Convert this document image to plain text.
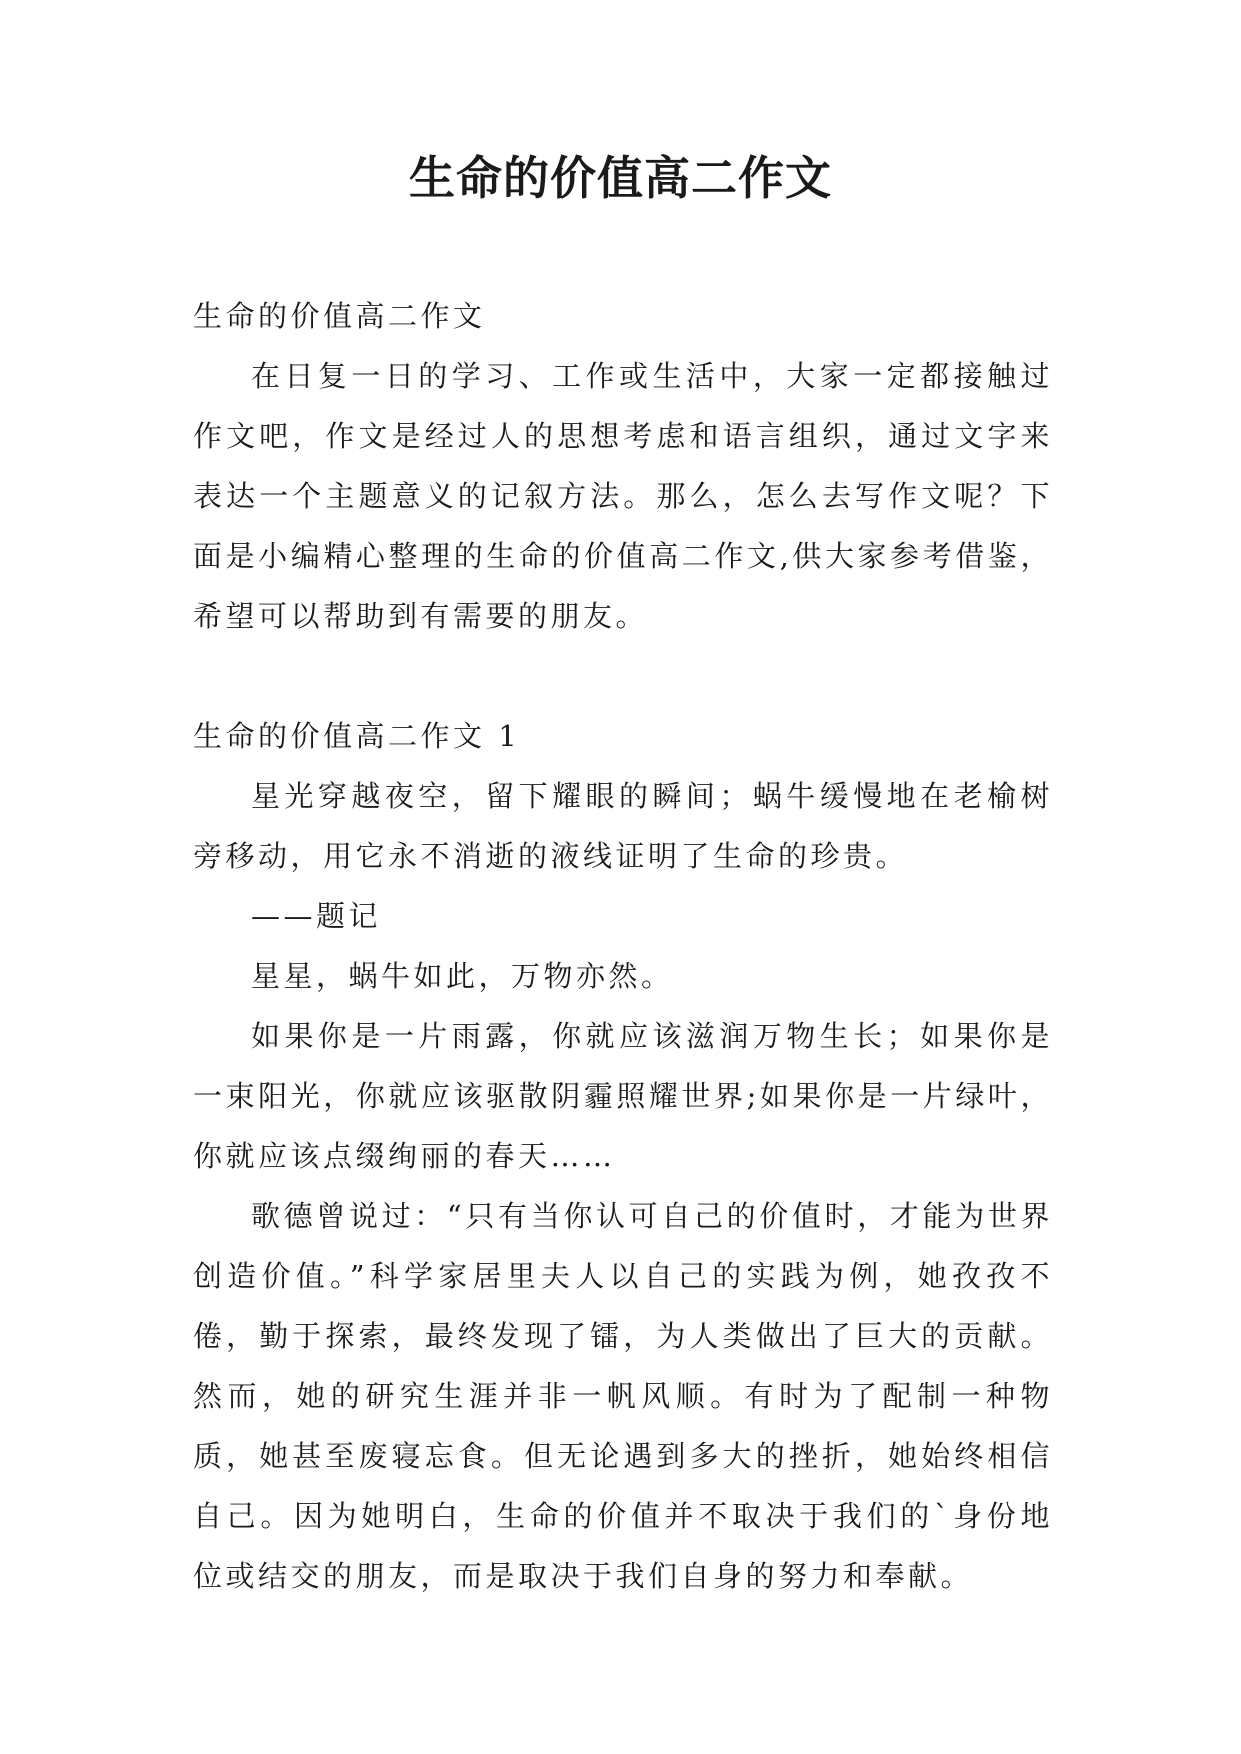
生命的价值高二作文

生命的价值高二作文

在日复一日的学习、工作或生活中，大家一定都接触过作文吧，作文是经过人的思想考虑和语言组织，通过文字来表达一个主题意义的记叙方法。那么，怎么去写作文呢？下面是小编精心整理的生命的价值高二作文,供大家参考借鉴，希望可以帮助到有需要的朋友。

生命的价值高二作文 1

星光穿越夜空，留下耀眼的瞬间；蜗牛缓慢地在老榆树旁移动，用它永不消逝的液线证明了生命的珍贵。

——题记

星星，蜗牛如此，万物亦然。

如果你是一片雨露，你就应该滋润万物生长；如果你是一束阳光，你就应该驱散阴霾照耀世界;如果你是一片绿叶，你就应该点缀绚丽的春天……

歌德曾说过：“只有当你认可自己的价值时，才能为世界创造价值。”科学家居里夫人以自己的实践为例，她孜孜不倦，勤于探索，最终发现了镭，为人类做出了巨大的贡献。然而，她的研究生涯并非一帆风顺。有时为了配制一种物质，她甚至废寝忘食。但无论遇到多大的挫折，她始终相信自己。因为她明白，生命的价值并不取决于我们的`身份地位或结交的朋友，而是取决于我们自身的努力和奉献。
